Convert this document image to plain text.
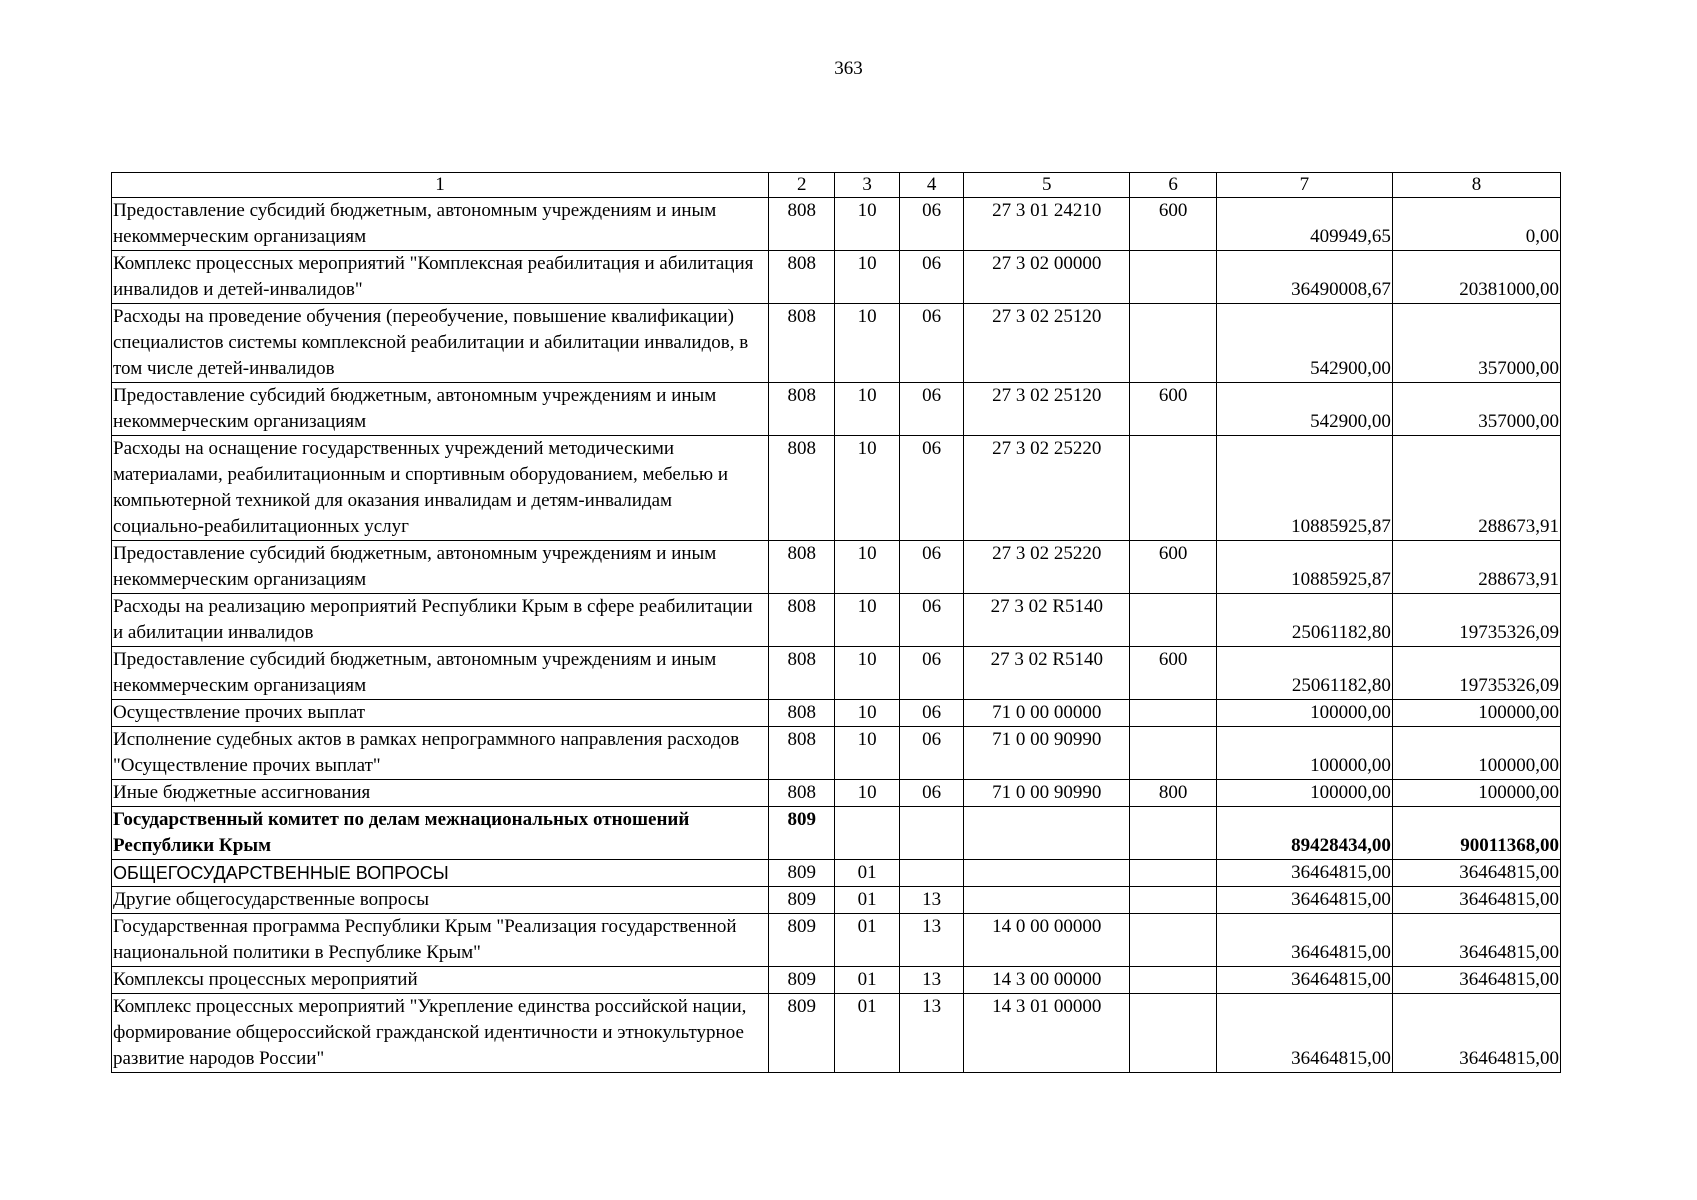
363
1	2	3	4	5	6	7	8
Предоставление субсидий бюджетным, автономным учреждениям и иным некоммерческим организациям	808	10	06	27 3 01 24210	600	409949,65	0,00
Комплекс процессных мероприятий "Комплексная реабилитация и абилитация инвалидов и детей-инвалидов"	808	10	06	27 3 02 00000		36490008,67	20381000,00
Расходы на проведение обучения (переобучение, повышение квалификации) специалистов системы комплексной реабилитации и абилитации инвалидов, в том числе детей-инвалидов	808	10	06	27 3 02 25120		542900,00	357000,00
Предоставление субсидий бюджетным, автономным учреждениям и иным некоммерческим организациям	808	10	06	27 3 02 25120	600	542900,00	357000,00
Расходы на оснащение государственных учреждений методическими материалами, реабилитационным и спортивным оборудованием, мебелью и компьютерной техникой для оказания инвалидам и детям-инвалидам социально-реабилитационных услуг	808	10	06	27 3 02 25220		10885925,87	288673,91
Предоставление субсидий бюджетным, автономным учреждениям и иным некоммерческим организациям	808	10	06	27 3 02 25220	600	10885925,87	288673,91
Расходы на реализацию мероприятий Республики Крым в сфере реабилитации и абилитации инвалидов	808	10	06	27 3 02 R5140		25061182,80	19735326,09
Предоставление субсидий бюджетным, автономным учреждениям и иным некоммерческим организациям	808	10	06	27 3 02 R5140	600	25061182,80	19735326,09
Осуществление прочих выплат	808	10	06	71 0 00 00000		100000,00	100000,00
Исполнение судебных актов в рамках непрограммного направления расходов "Осуществление прочих выплат"	808	10	06	71 0 00 90990		100000,00	100000,00
Иные бюджетные ассигнования	808	10	06	71 0 00 90990	800	100000,00	100000,00
Государственный комитет по делам межнациональных отношений Республики Крым	809					89428434,00	90011368,00
ОБЩЕГОСУДАРСТВЕННЫЕ ВОПРОСЫ	809	01				36464815,00	36464815,00
Другие общегосударственные вопросы	809	01	13			36464815,00	36464815,00
Государственная программа Республики Крым "Реализация государственной национальной политики в Республике Крым"	809	01	13	14 0 00 00000		36464815,00	36464815,00
Комплексы процессных мероприятий	809	01	13	14 3 00 00000		36464815,00	36464815,00
Комплекс процессных мероприятий "Укрепление единства российской нации, формирование общероссийской гражданской идентичности и этнокультурное развитие народов России"	809	01	13	14 3 01 00000		36464815,00	36464815,00
